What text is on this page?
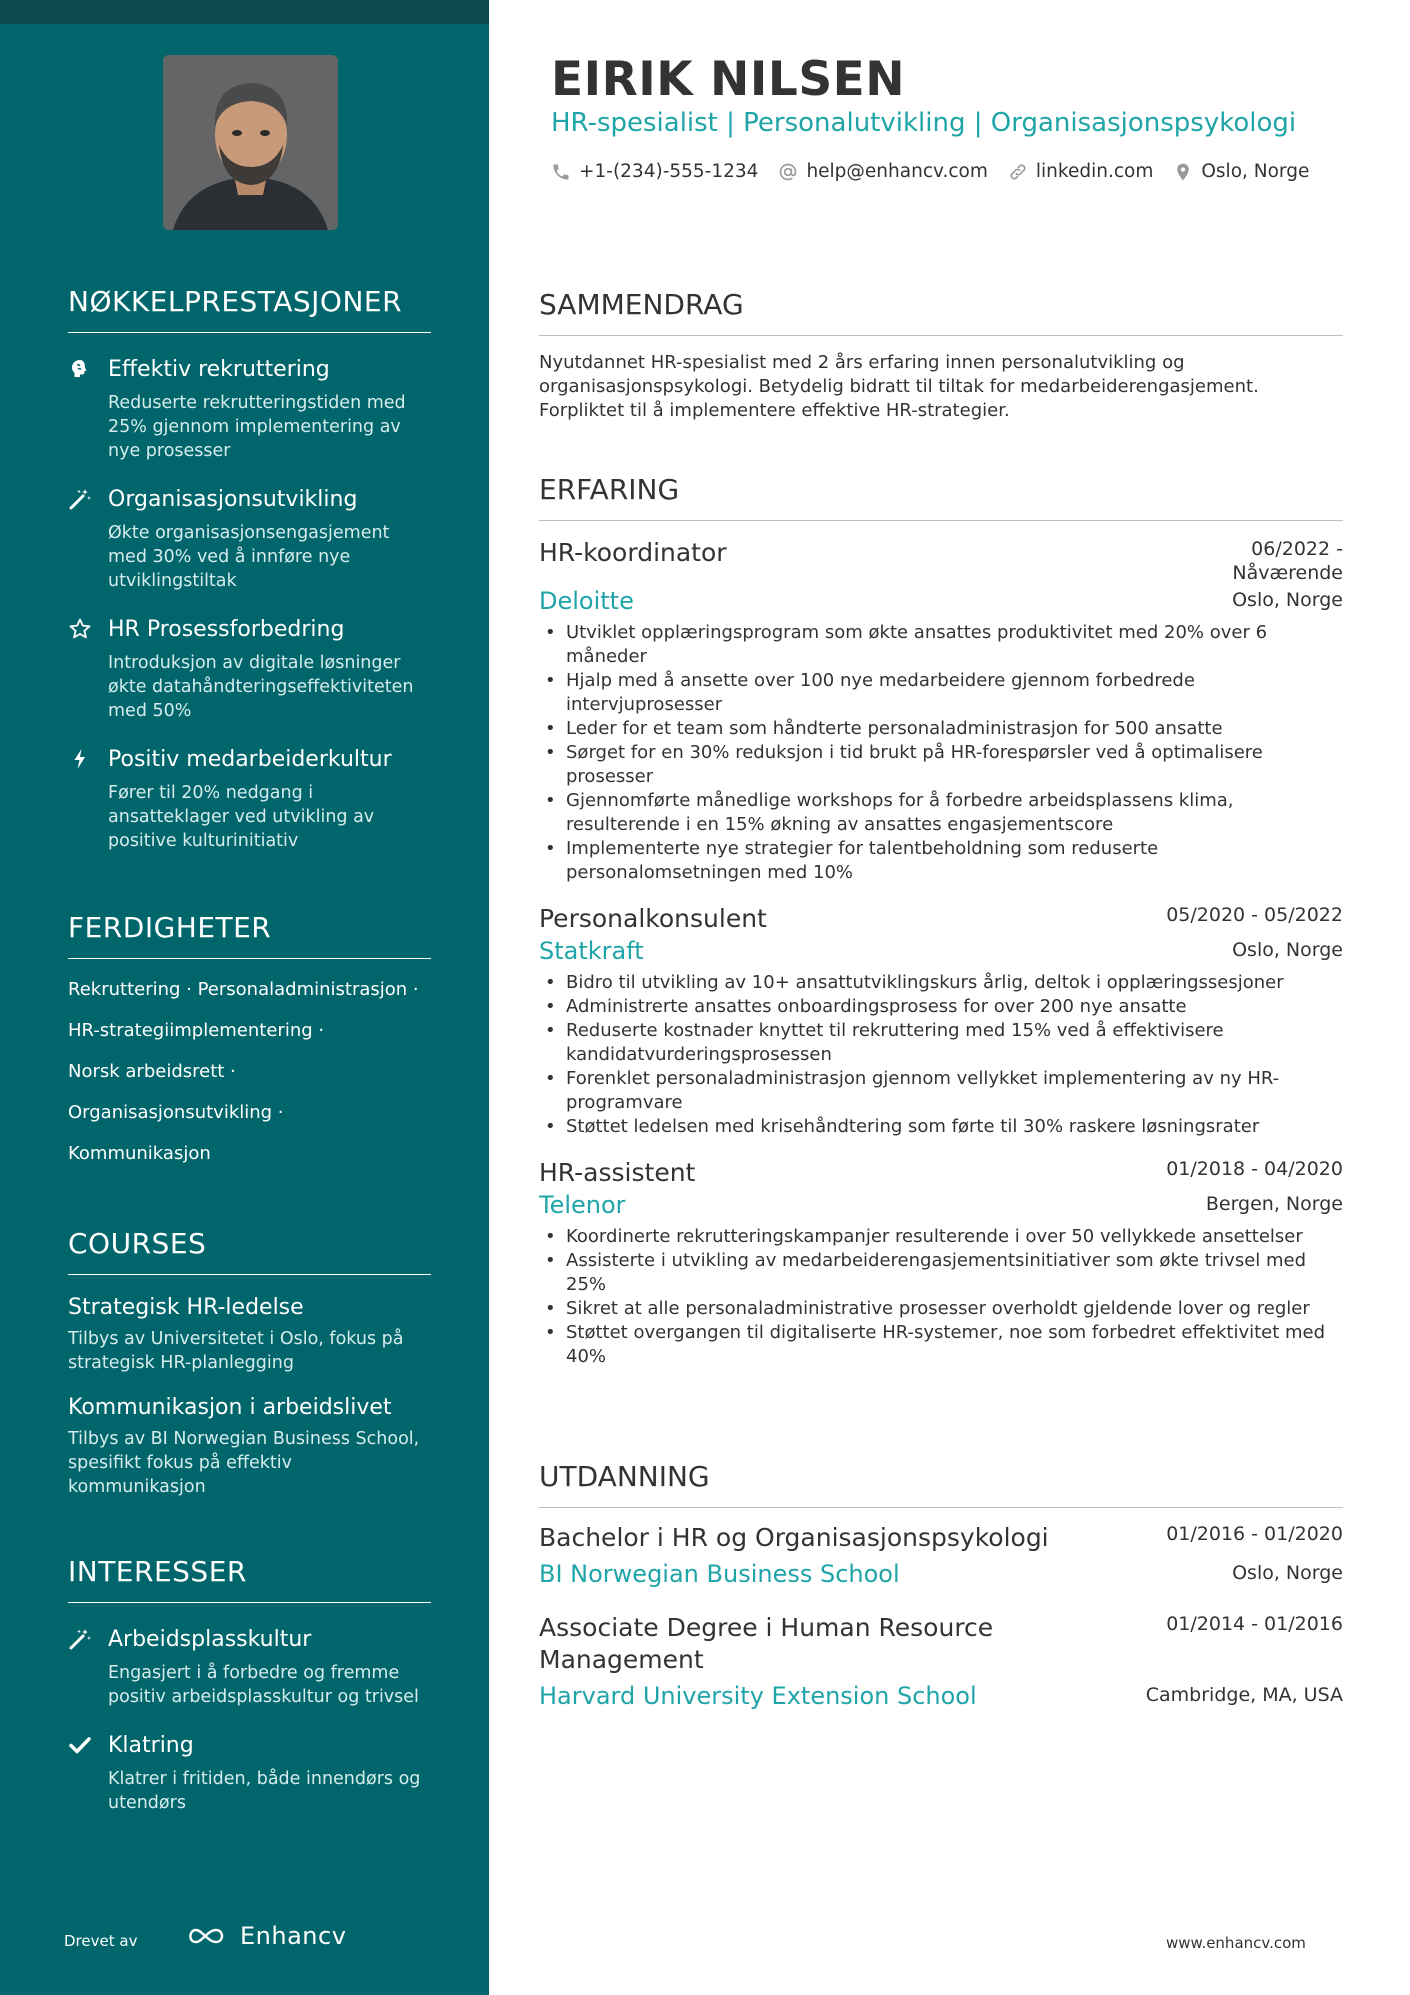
NØKKELPRESTASJONER
Effektiv rekruttering
Reduserte rekrutteringstiden med 25% gjennom implementering av nye prosesser
Organisasjonsutvikling
Økte organisasjonsengasjement med 30% ved å innføre nye utviklingstiltak
HR Prosessforbedring
Introduksjon av digitale løsninger økte datahåndteringseffektiviteten med 50%
Positiv medarbeiderkultur
Fører til 20% nedgang i ansatteklager ved utvikling av positive kulturinitiativ
FERDIGHETER
Rekruttering · Personaladministrasjon ·
HR-strategiimplementering ·
Norsk arbeidsrett ·
Organisasjonsutvikling ·
Kommunikasjon
COURSES
Strategisk HR-ledelse
Tilbys av Universitetet i Oslo, fokus på strategisk HR-planlegging
Kommunikasjon i arbeidslivet
Tilbys av BI Norwegian Business School, spesifikt fokus på effektiv kommunikasjon
INTERESSER
Arbeidsplasskultur
Engasjert i å forbedre og fremme positiv arbeidsplasskultur og trivsel
Klatring
Klatrer i fritiden, både innendørs og utendørs
Drevet av	Enhancv
EIRIK NILSEN
HR-spesialist | Personalutvikling | Organisasjonspsykologi
+1-(234)-555-1234	help@enhancv.com	linkedin.com	Oslo, Norge
SAMMENDRAG

Nyutdannet HR-spesialist med 2 års erfaring innen personalutvikling og organisasjonspsykologi. Betydelig bidratt til tiltak for medarbeiderengasjement. Forpliktet til å implementere effektive HR-strategier.

ERFARING
HR-koordinator	06/2022 - Nåværende
Deloitte	Oslo, Norge
• Utviklet opplæringsprogram som økte ansattes produktivitet med 20% over 6 måneder
• Hjalp med å ansette over 100 nye medarbeidere gjennom forbedrede intervjuprosesser
• Leder for et team som håndterte personaladministrasjon for 500 ansatte
• Sørget for en 30% reduksjon i tid brukt på HR-forespørsler ved å optimalisere prosesser
• Gjennomførte månedlige workshops for å forbedre arbeidsplassens klima, resulterende i en 15% økning av ansattes engasjementscore
• Implementerte nye strategier for talentbeholdning som reduserte personalomsetningen med 10%
Personalkonsulent	05/2020 - 05/2022
Statkraft	Oslo, Norge
• Bidro til utvikling av 10+ ansattutviklingskurs årlig, deltok i opplæringssesjoner
• Administrerte ansattes onboardingsprosess for over 200 nye ansatte
• Reduserte kostnader knyttet til rekruttering med 15% ved å effektivisere kandidatvurderingsprosessen
• Forenklet personaladministrasjon gjennom vellykket implementering av ny HR-programvare
• Støttet ledelsen med krisehåndtering som førte til 30% raskere løsningsrater
HR-assistent	01/2018 - 04/2020
Telenor	Bergen, Norge
• Koordinerte rekrutteringskampanjer resulterende i over 50 vellykkede ansettelser
• Assisterte i utvikling av medarbeiderengasjementsinitiativer som økte trivsel med 25%
• Sikret at alle personaladministrative prosesser overholdt gjeldende lover og regler
• Støttet overgangen til digitaliserte HR-systemer, noe som forbedret effektivitet med 40%
UTDANNING
Bachelor i HR og Organisasjonspsykologi	01/2016 - 01/2020
BI Norwegian Business School	Oslo, Norge
Associate Degree i Human Resource Management
01/2014 - 01/2016
Harvard University Extension School	Cambridge, MA, USA
www.enhancv.com
